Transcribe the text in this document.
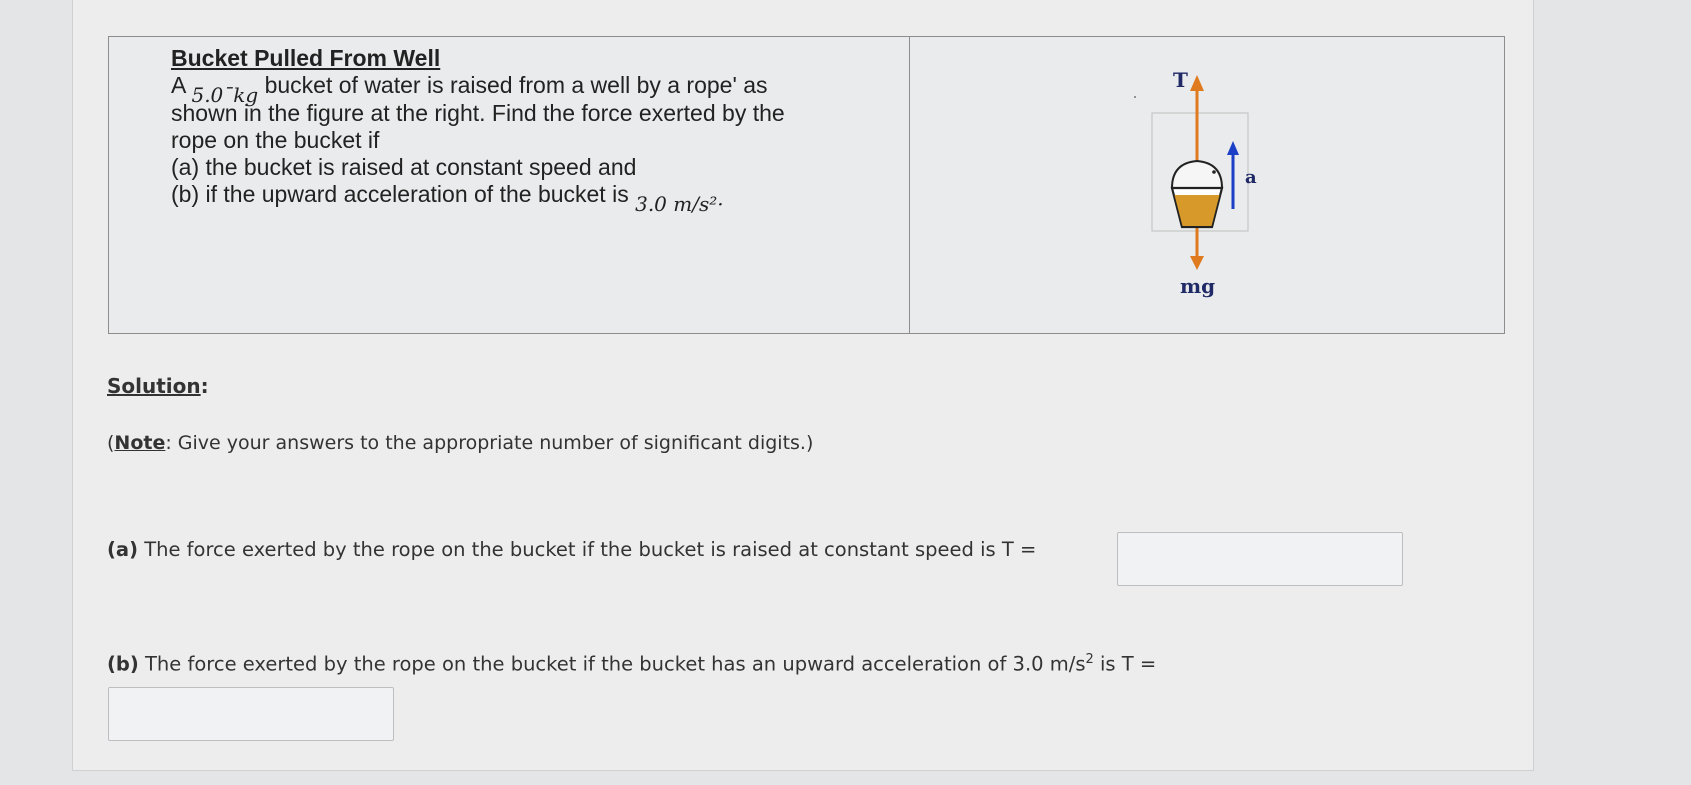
Bucket Pulled From Well
A 5.0ˉkg bucket of water is raised from a well by a rope' as
shown in the figure at the right. Find the force exerted by the
rope on the bucket if
(a) the bucket is raised at constant speed and
(b) if the upward acceleration of the bucket is 3.0 m/s²·
T
a
mg
Solution:
(Note: Give your answers to the appropriate number of significant digits.)
(a) The force exerted by the rope on the bucket if the bucket is raised at constant speed is T =
(b) The force exerted by the rope on the bucket if the bucket has an upward acceleration of 3.0 $m/s^2$ is T =
